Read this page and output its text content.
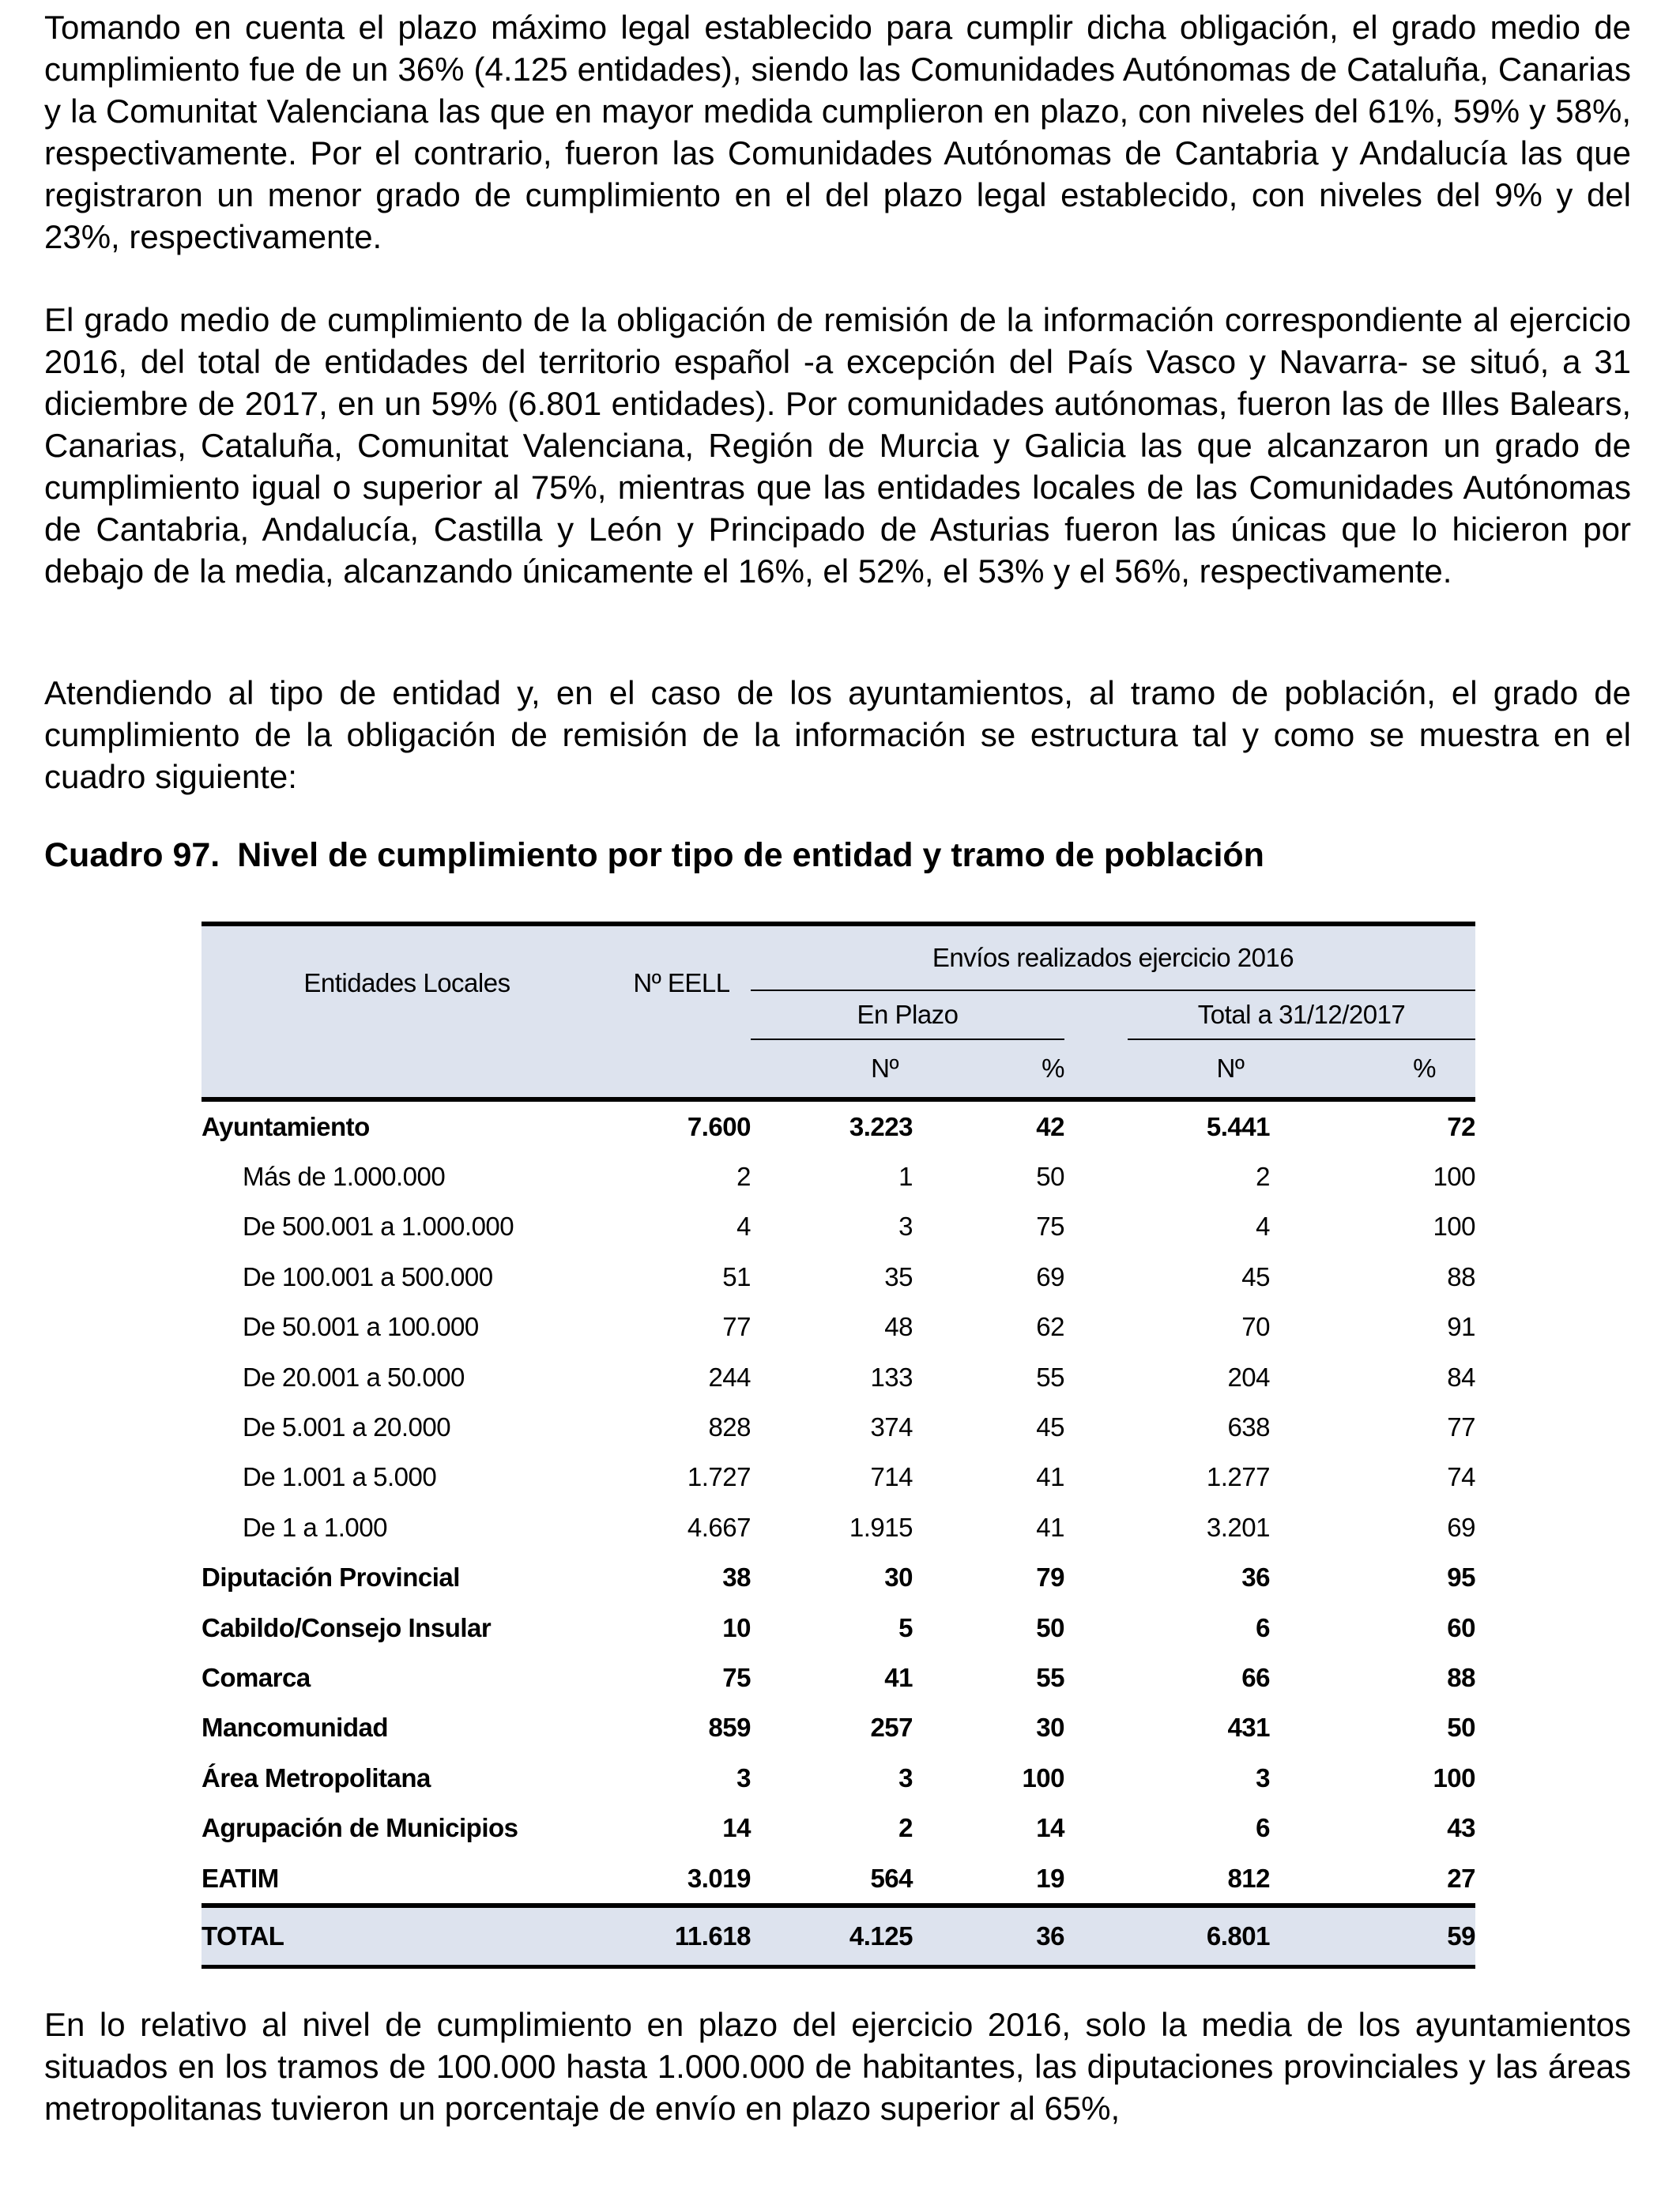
Tomando en cuenta el plazo máximo legal establecido para cumplir dicha obligación, el grado medio de cumplimiento fue de un 36% (4.125 entidades), siendo las Comunidades Autónomas de Cataluña, Canarias y la Comunitat Valenciana las que en mayor medida cumplieron en plazo, con niveles del 61%, 59% y 58%, respectivamente. Por el contrario, fueron las Comunidades Autónomas de Cantabria y Andalucía las que registraron un menor grado de cumplimiento en el del plazo legal establecido, con niveles del 9% y del 23%, respectivamente.

El grado medio de cumplimiento de la obligación de remisión de la información correspondiente al ejercicio 2016, del total de entidades del territorio español -a excepción del País Vasco y Navarra- se situó, a 31 diciembre de 2017, en un 59% (6.801 entidades). Por comunidades autónomas, fueron las de Illes Balears, Canarias, Cataluña, Comunitat Valenciana, Región de Murcia y Galicia las que alcanzaron un grado de cumplimiento igual o superior al 75%, mientras que las entidades locales de las Comunidades Autónomas de Cantabria, Andalucía, Castilla y León y Principado de Asturias fueron las únicas que lo hicieron por debajo de la media, alcanzando únicamente el 16%, el 52%, el 53% y el 56%, respectivamente.

Atendiendo al tipo de entidad y, en el caso de los ayuntamientos, al tramo de población, el grado de cumplimiento de la obligación de remisión de la información se estructura tal y como se muestra en el cuadro siguiente:

Cuadro 97. Nivel de cumplimiento por tipo de entidad y tramo de población

Entidades Locales	Nº EELL	Envíos realizados ejercicio 2016				
		En Plazo			Total a 31/12/2017	
		Nº	%		Nº	%
Ayuntamiento	7.600	3.223	42		5.441	72
Más de 1.000.000	2	1	50		2	100
De 500.001 a 1.000.000	4	3	75		4	100
De 100.001 a 500.000	51	35	69		45	88
De 50.001 a 100.000	77	48	62		70	91
De 20.001 a 50.000	244	133	55		204	84
De 5.001 a 20.000	828	374	45		638	77
De 1.001 a 5.000	1.727	714	41		1.277	74
De 1 a 1.000	4.667	1.915	41		3.201	69
Diputación Provincial	38	30	79		36	95
Cabildo/Consejo Insular	10	5	50		6	60
Comarca	75	41	55		66	88
Mancomunidad	859	257	30		431	50
Área Metropolitana	3	3	100		3	100
Agrupación de Municipios	14	2	14		6	43
EATIM	3.019	564	19		812	27
TOTAL	11.618	4.125	36		6.801	59

En lo relativo al nivel de cumplimiento en plazo del ejercicio 2016, solo la media de los ayuntamientos situados en los tramos de 100.000 hasta 1.000.000 de habitantes, las diputaciones provinciales y las áreas metropolitanas tuvieron un porcentaje de envío en plazo superior al 65%,
